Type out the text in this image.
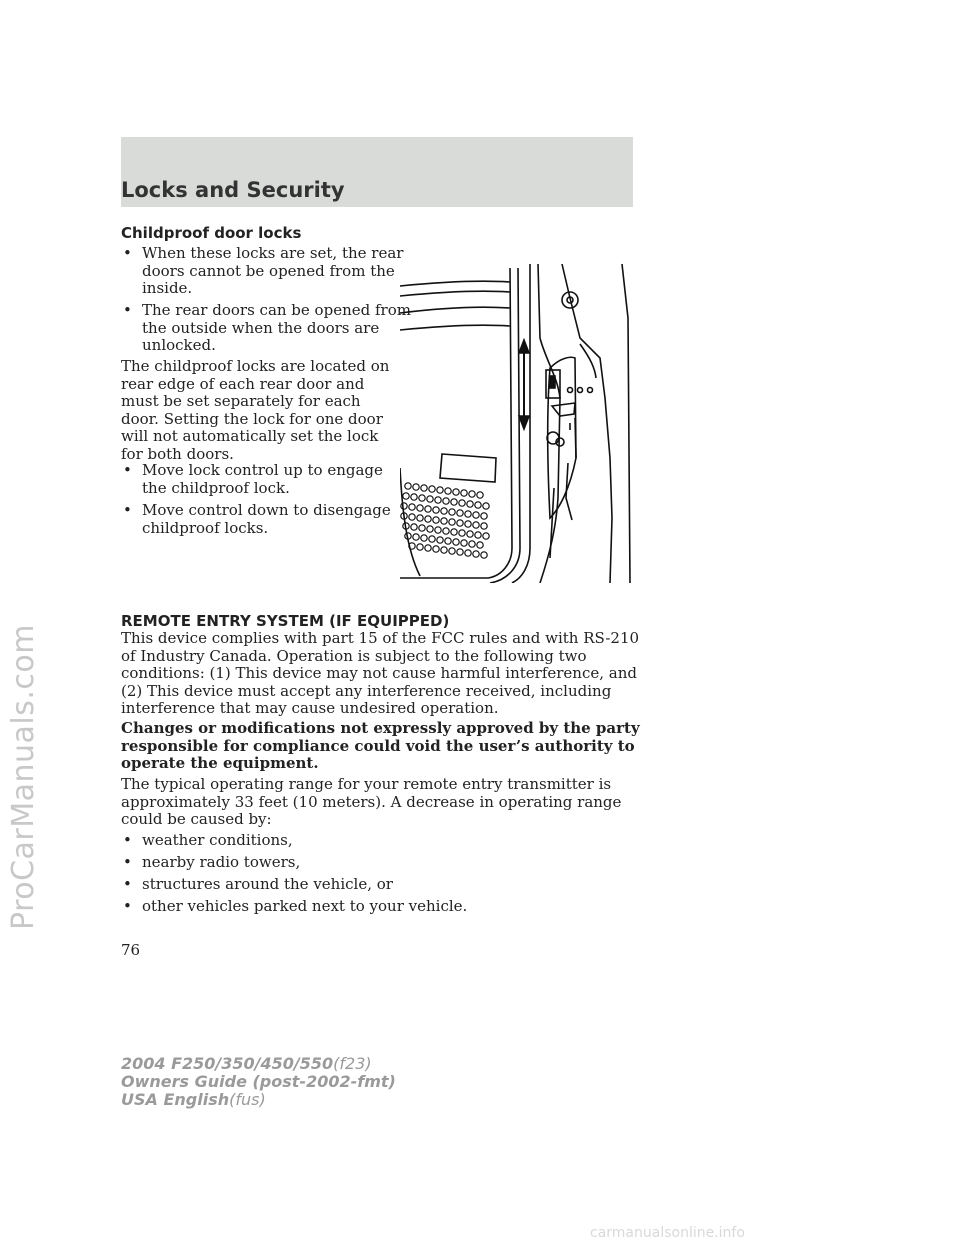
ProCarManuals.com
Locks and Security
Childproof door locks
• When these locks are set, the rear doors cannot be opened from the inside.
• The rear doors can be opened from the outside when the doors are unlocked.

The childproof locks are located on rear edge of each rear door and must be set separately for each door. Setting the lock for one door will not automatically set the lock for both doors.

• Move lock control up to engage the childproof lock.
• Move control down to disengage childproof locks.
REMOTE ENTRY SYSTEM (IF EQUIPPED)

This device complies with part 15 of the FCC rules and with RS-210 of Industry Canada. Operation is subject to the following two conditions: (1) This device may not cause harmful interference, and (2) This device must accept any interference received, including interference that may cause undesired operation.

Changes or modifications not expressly approved by the party responsible for compliance could void the user’s authority to operate the equipment.

The typical operating range for your remote entry transmitter is approximately 33 feet (10 meters). A decrease in operating range could be caused by:

• weather conditions,
• nearby radio towers,
• structures around the vehicle, or
• other vehicles parked next to your vehicle.
76
2004 F250/350/450/550(f23)
Owners Guide (post-2002-fmt)
USA English(fus)
carmanualsonline.info
